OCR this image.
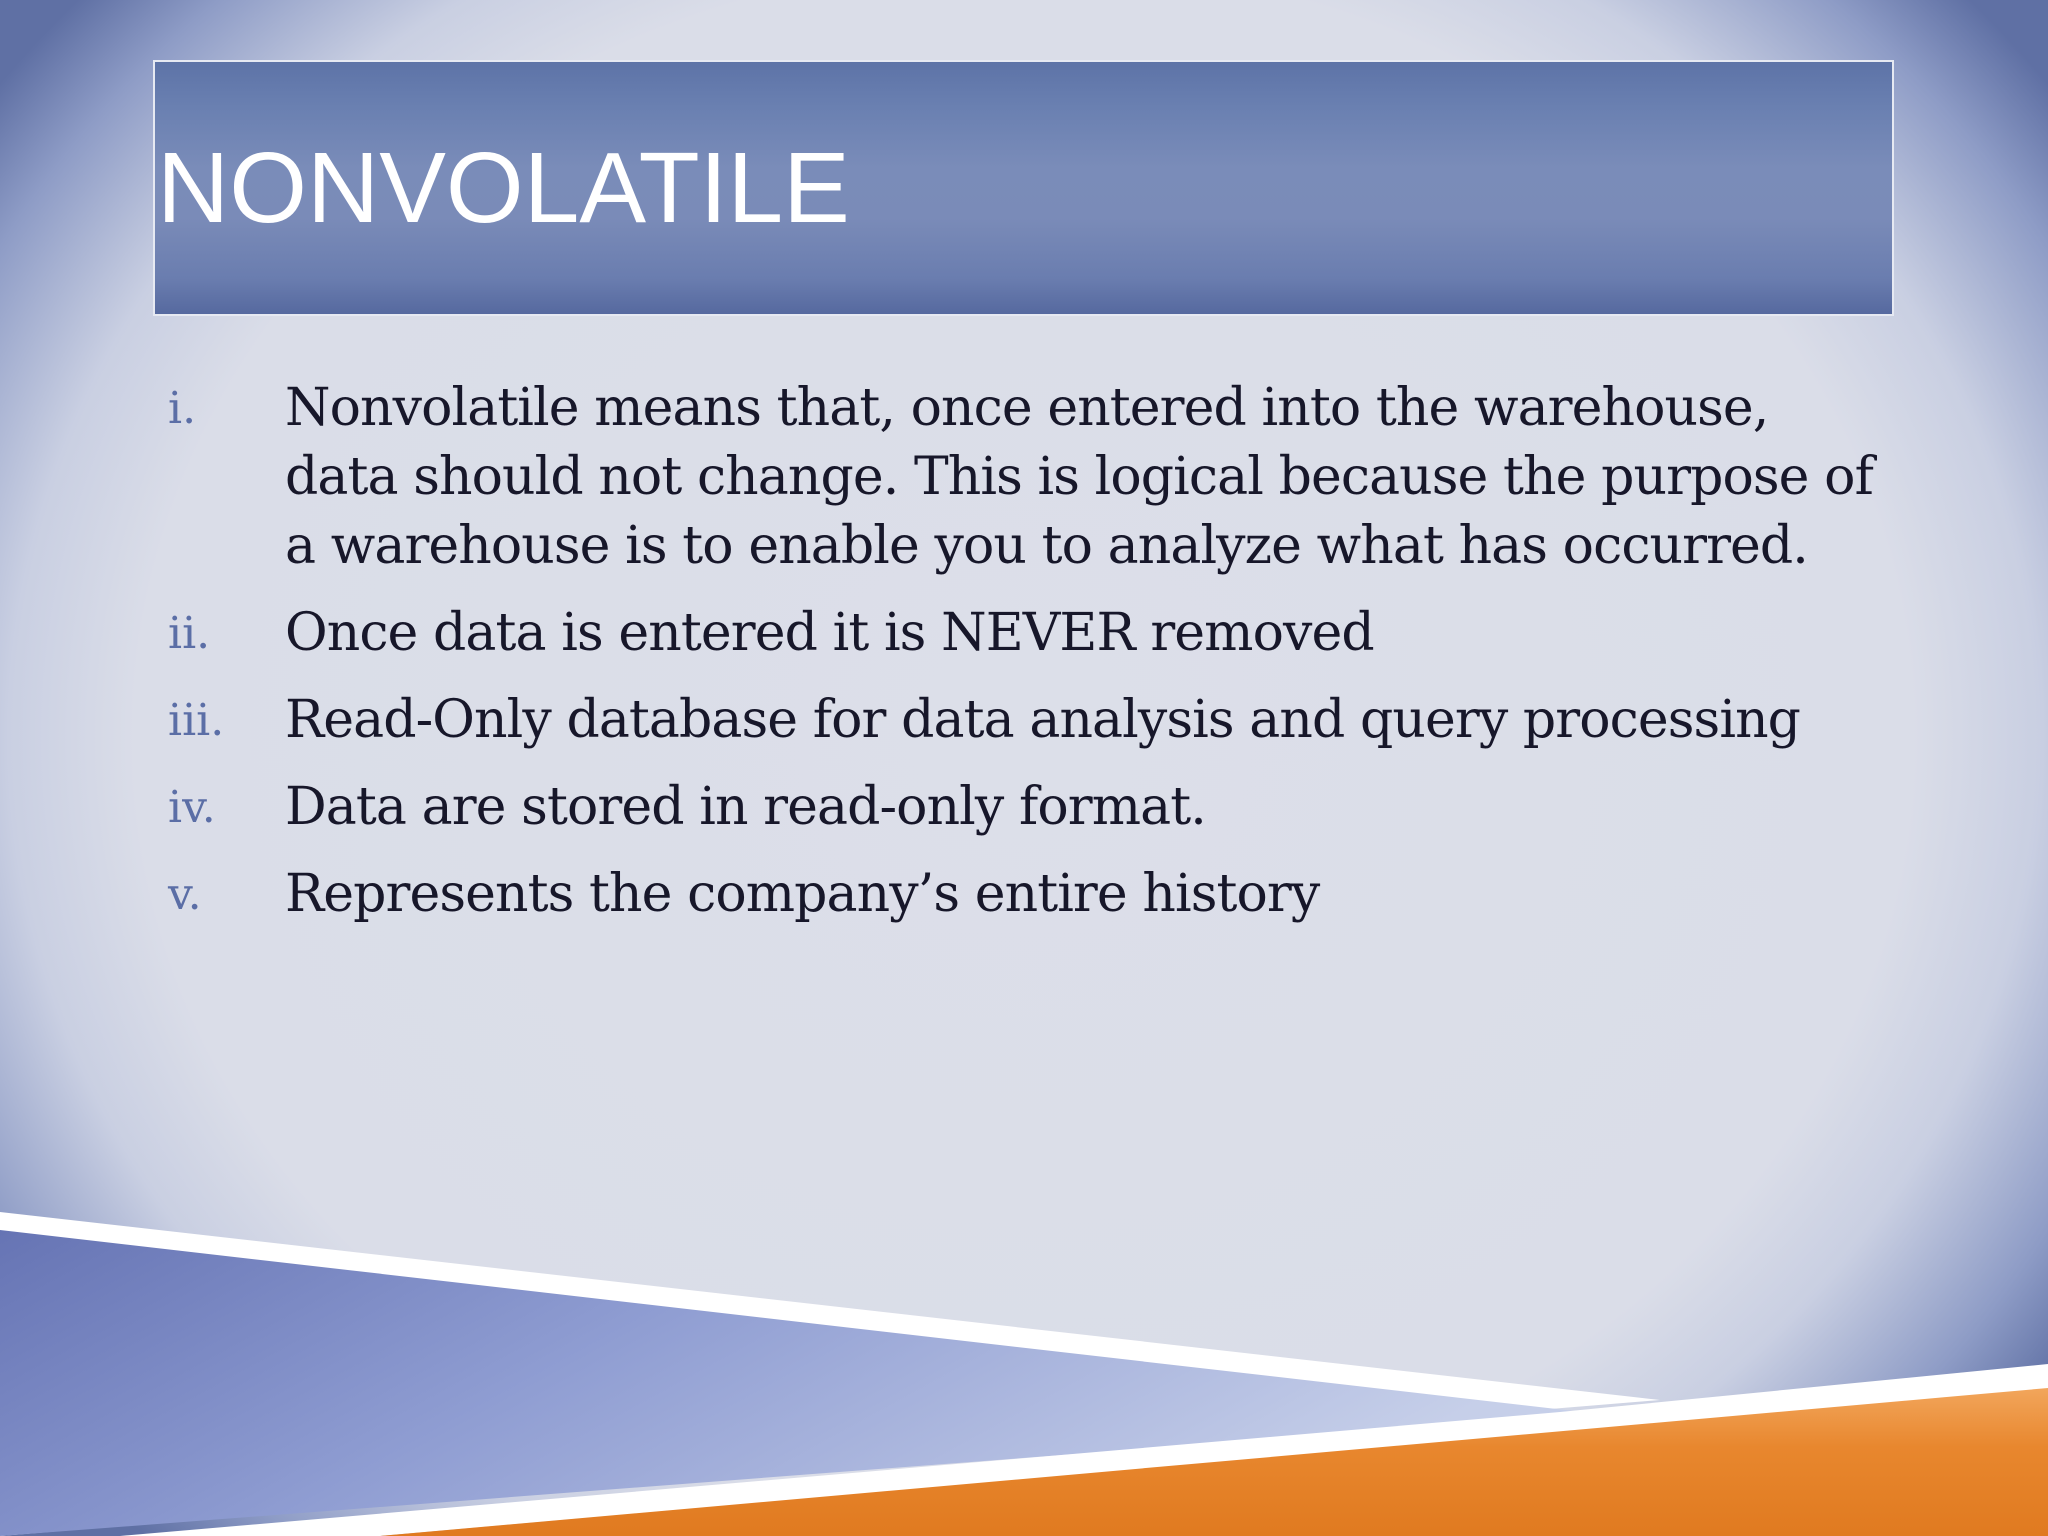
NONVOLATILE
i. Nonvolatile means that, once entered into the warehouse, data should not change. This is logical because the purpose of a warehouse is to enable you to analyze what has occurred.
ii. Once data is entered it is NEVER removed
iii. Read-Only database for data analysis and query processing
iv. Data are stored in read-only format.
v. Represents the company’s entire history
